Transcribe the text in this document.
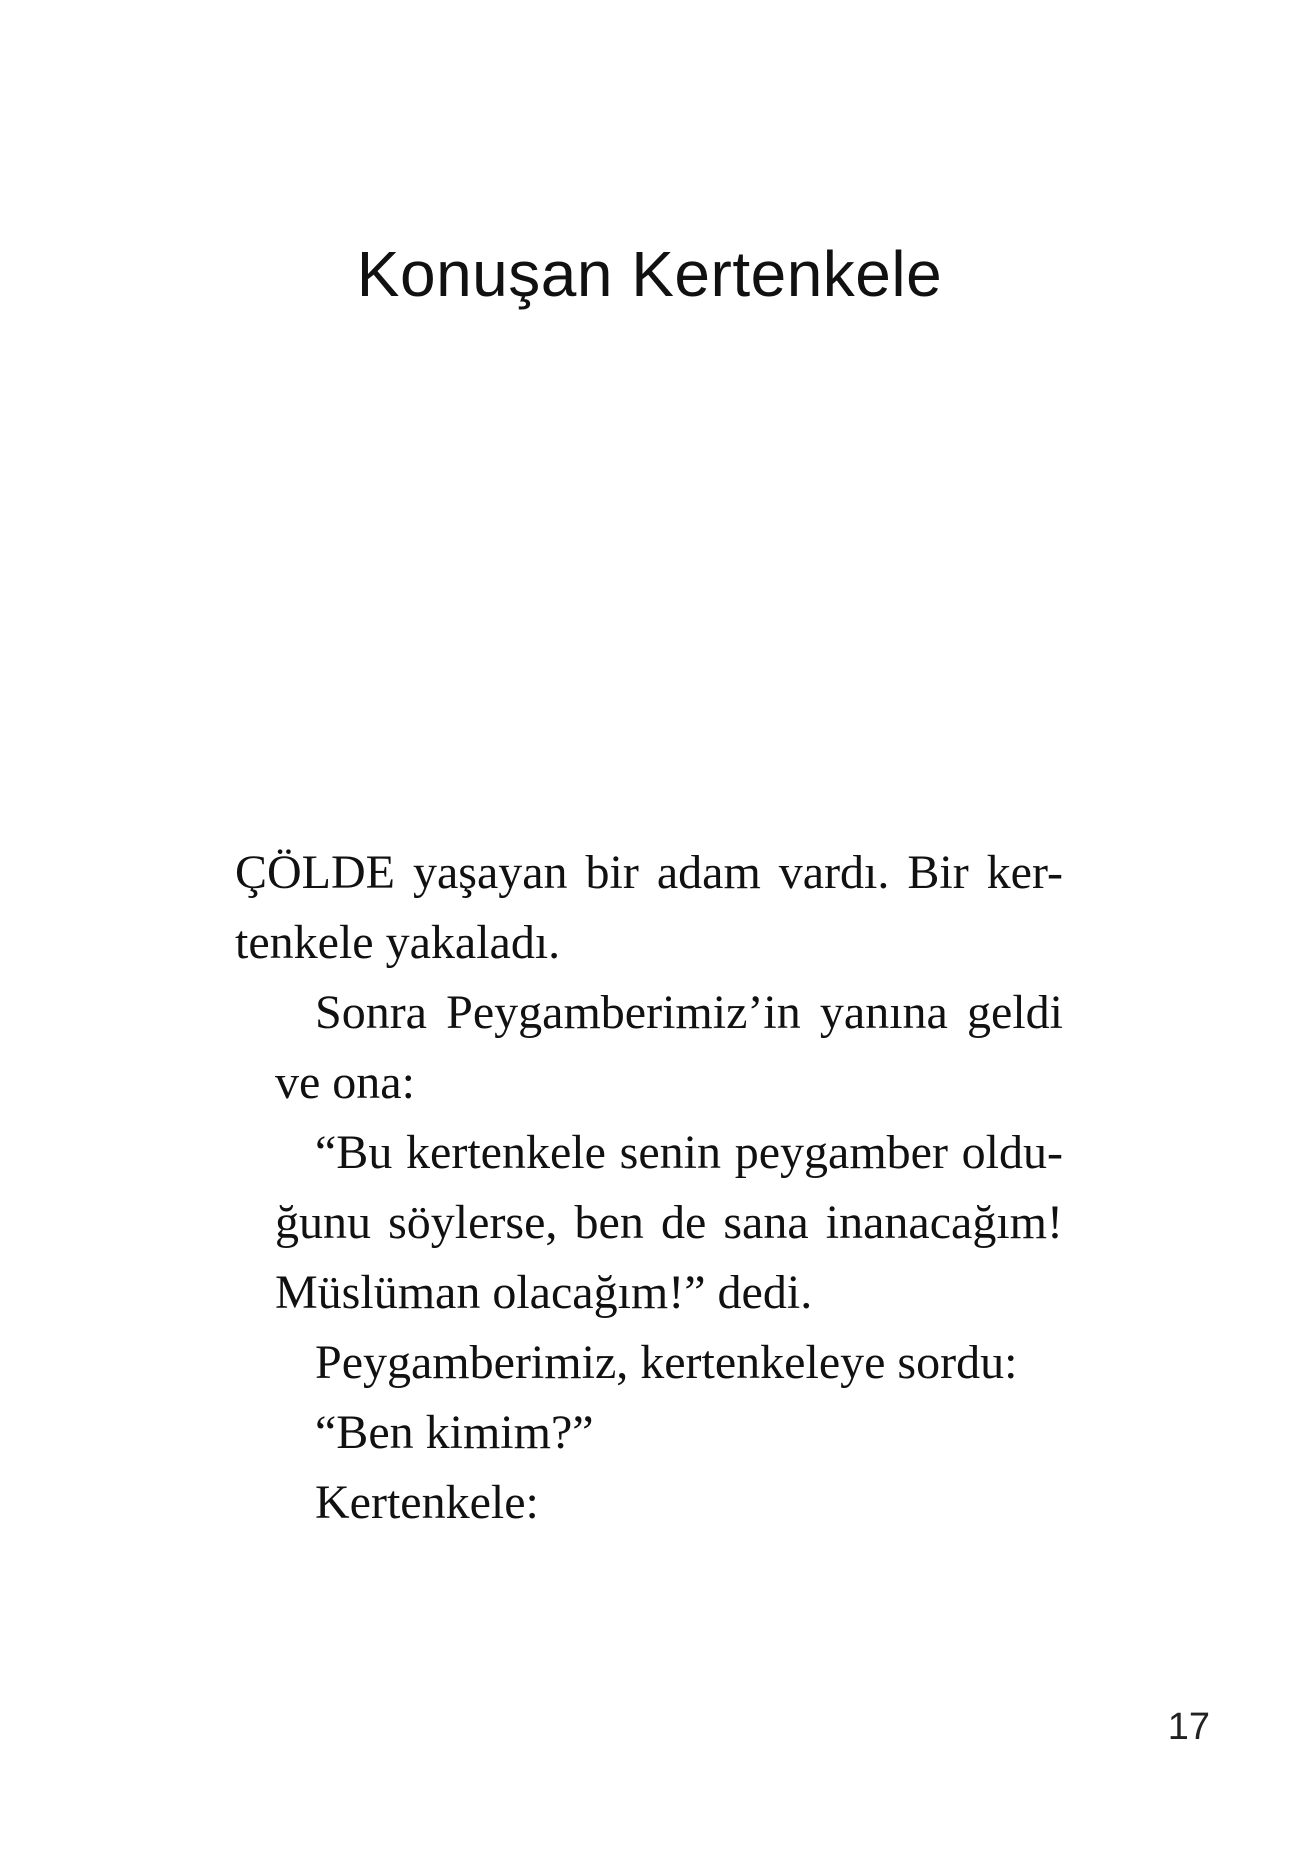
Konuşan Kertenkele

ÇÖLDE yaşayan bir adam vardı. Bir ker-
tenkele yakaladı.

Sonra Peygamberimiz’in yanına geldi
ve ona:

“Bu kertenkele senin peygamber oldu-
ğunu söylerse, ben de sana inanacağım!
Müslüman olacağım!” dedi.

Peygamberimiz, kertenkeleye sordu:

“Ben kimim?”

Kertenkele:

17
